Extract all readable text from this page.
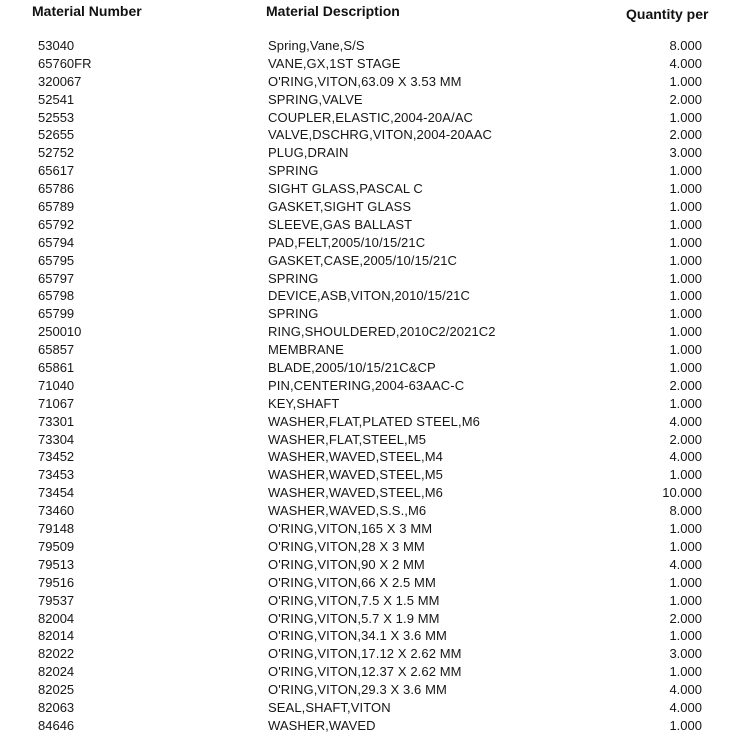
Material Number	Material Description	Quantity per
53040	Spring,Vane,S/S	8.000
65760FR	VANE,GX,1ST STAGE	4.000
320067	O'RING,VITON,63.09 X 3.53 MM	1.000
52541	SPRING,VALVE	2.000
52553	COUPLER,ELASTIC,2004-20A/AC	1.000
52655	VALVE,DSCHRG,VITON,2004-20AAC	2.000
52752	PLUG,DRAIN	3.000
65617	SPRING	1.000
65786	SIGHT GLASS,PASCAL C	1.000
65789	GASKET,SIGHT GLASS	1.000
65792	SLEEVE,GAS BALLAST	1.000
65794	PAD,FELT,2005/10/15/21C	1.000
65795	GASKET,CASE,2005/10/15/21C	1.000
65797	SPRING	1.000
65798	DEVICE,ASB,VITON,2010/15/21C	1.000
65799	SPRING	1.000
250010	RING,SHOULDERED,2010C2/2021C2	1.000
65857	MEMBRANE	1.000
65861	BLADE,2005/10/15/21C&CP	1.000
71040	PIN,CENTERING,2004-63AAC-C	2.000
71067	KEY,SHAFT	1.000
73301	WASHER,FLAT,PLATED STEEL,M6	4.000
73304	WASHER,FLAT,STEEL,M5	2.000
73452	WASHER,WAVED,STEEL,M4	4.000
73453	WASHER,WAVED,STEEL,M5	1.000
73454	WASHER,WAVED,STEEL,M6	10.000
73460	WASHER,WAVED,S.S.,M6	8.000
79148	O'RING,VITON,165 X 3 MM	1.000
79509	O'RING,VITON,28 X 3 MM	1.000
79513	O'RING,VITON,90 X 2 MM	4.000
79516	O'RING,VITON,66 X 2.5 MM	1.000
79537	O'RING,VITON,7.5 X 1.5 MM	1.000
82004	O'RING,VITON,5.7 X 1.9 MM	2.000
82014	O'RING,VITON,34.1 X 3.6 MM	1.000
82022	O'RING,VITON,17.12 X 2.62 MM	3.000
82024	O'RING,VITON,12.37 X 2.62 MM	1.000
82025	O'RING,VITON,29.3 X 3.6 MM	4.000
82063	SEAL,SHAFT,VITON	4.000
84646	WASHER,WAVED	1.000
